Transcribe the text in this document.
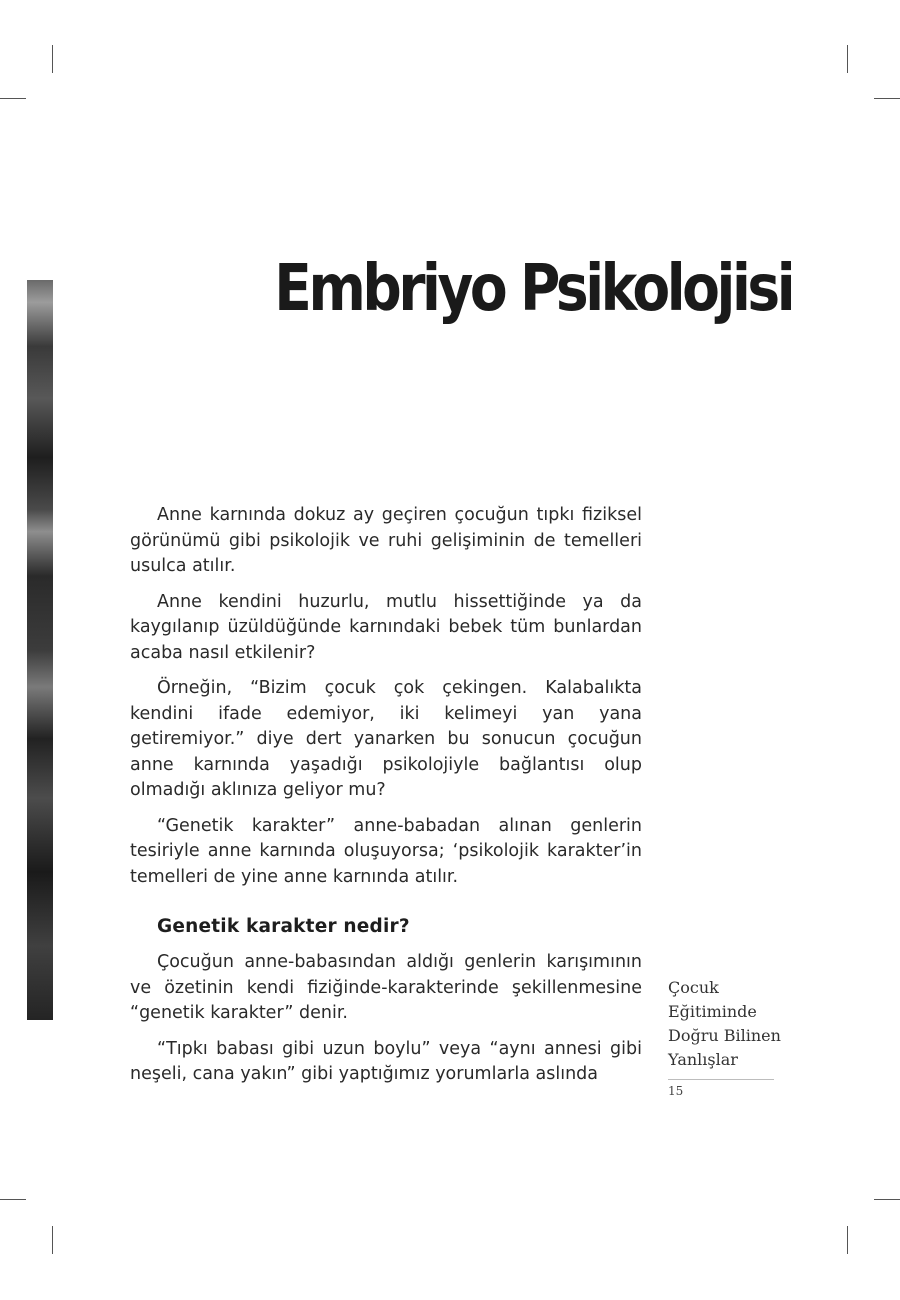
Embriyo Psikolojisi

Anne karnında dokuz ay geçiren çocuğun tıpkı fiziksel görünümü gibi psikolojik ve ruhi gelişiminin de temelleri usulca atılır.

Anne kendini huzurlu, mutlu hissettiğinde ya da kaygılanıp üzüldüğünde karnındaki bebek tüm bunlardan acaba nasıl etkilenir?

Örneğin, “Bizim çocuk çok çekingen. Kalabalıkta kendini ifade edemiyor, iki kelimeyi yan yana getiremiyor.” diye dert yanarken bu sonucun çocuğun anne karnında yaşadığı psikolojiyle bağlantısı olup olmadığı aklınıza geliyor mu?

“Genetik karakter” anne-babadan alınan genlerin tesiriyle anne karnında oluşuyorsa; ‘psikolojik karakter’in temelleri de yine anne karnında atılır.

Genetik karakter nedir?

Çocuğun anne-babasından aldığı genlerin karışımının ve özetinin kendi fiziğinde-karakterinde şekillenmesine “genetik karakter” denir.

“Tıpkı babası gibi uzun boylu” veya “aynı annesi gibi neşeli, cana yakın” gibi yaptığımız yorumlarla aslında

Çocuk
Eğitiminde
Doğru Bilinen
Yanlışlar
15
